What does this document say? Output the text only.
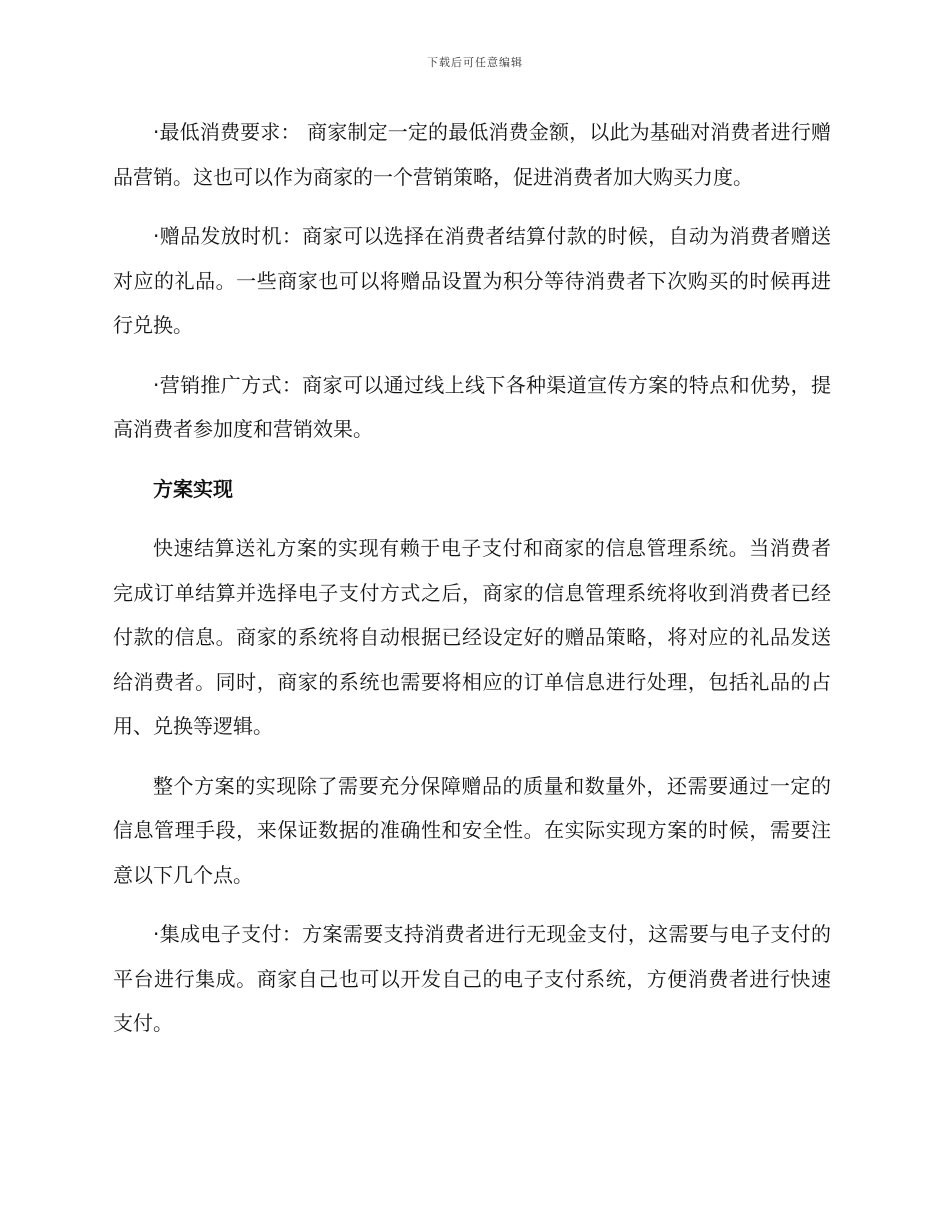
下载后可任意编辑

·最低消费要求： 商家制定一定的最低消费金额，以此为基础对消费者进行赠品营销。这也可以作为商家的一个营销策略，促进消费者加大购买力度。

·赠品发放时机：商家可以选择在消费者结算付款的时候，自动为消费者赠送对应的礼品。一些商家也可以将赠品设置为积分等待消费者下次购买的时候再进行兑换。

·营销推广方式：商家可以通过线上线下各种渠道宣传方案的特点和优势，提高消费者参加度和营销效果。

方案实现

快速结算送礼方案的实现有赖于电子支付和商家的信息管理系统。当消费者完成订单结算并选择电子支付方式之后，商家的信息管理系统将收到消费者已经付款的信息。商家的系统将自动根据已经设定好的赠品策略，将对应的礼品发送给消费者。同时，商家的系统也需要将相应的订单信息进行处理，包括礼品的占用、兑换等逻辑。

整个方案的实现除了需要充分保障赠品的质量和数量外，还需要通过一定的信息管理手段，来保证数据的准确性和安全性。在实际实现方案的时候，需要注意以下几个点。

·集成电子支付：方案需要支持消费者进行无现金支付，这需要与电子支付的平台进行集成。商家自己也可以开发自己的电子支付系统，方便消费者进行快速支付。
